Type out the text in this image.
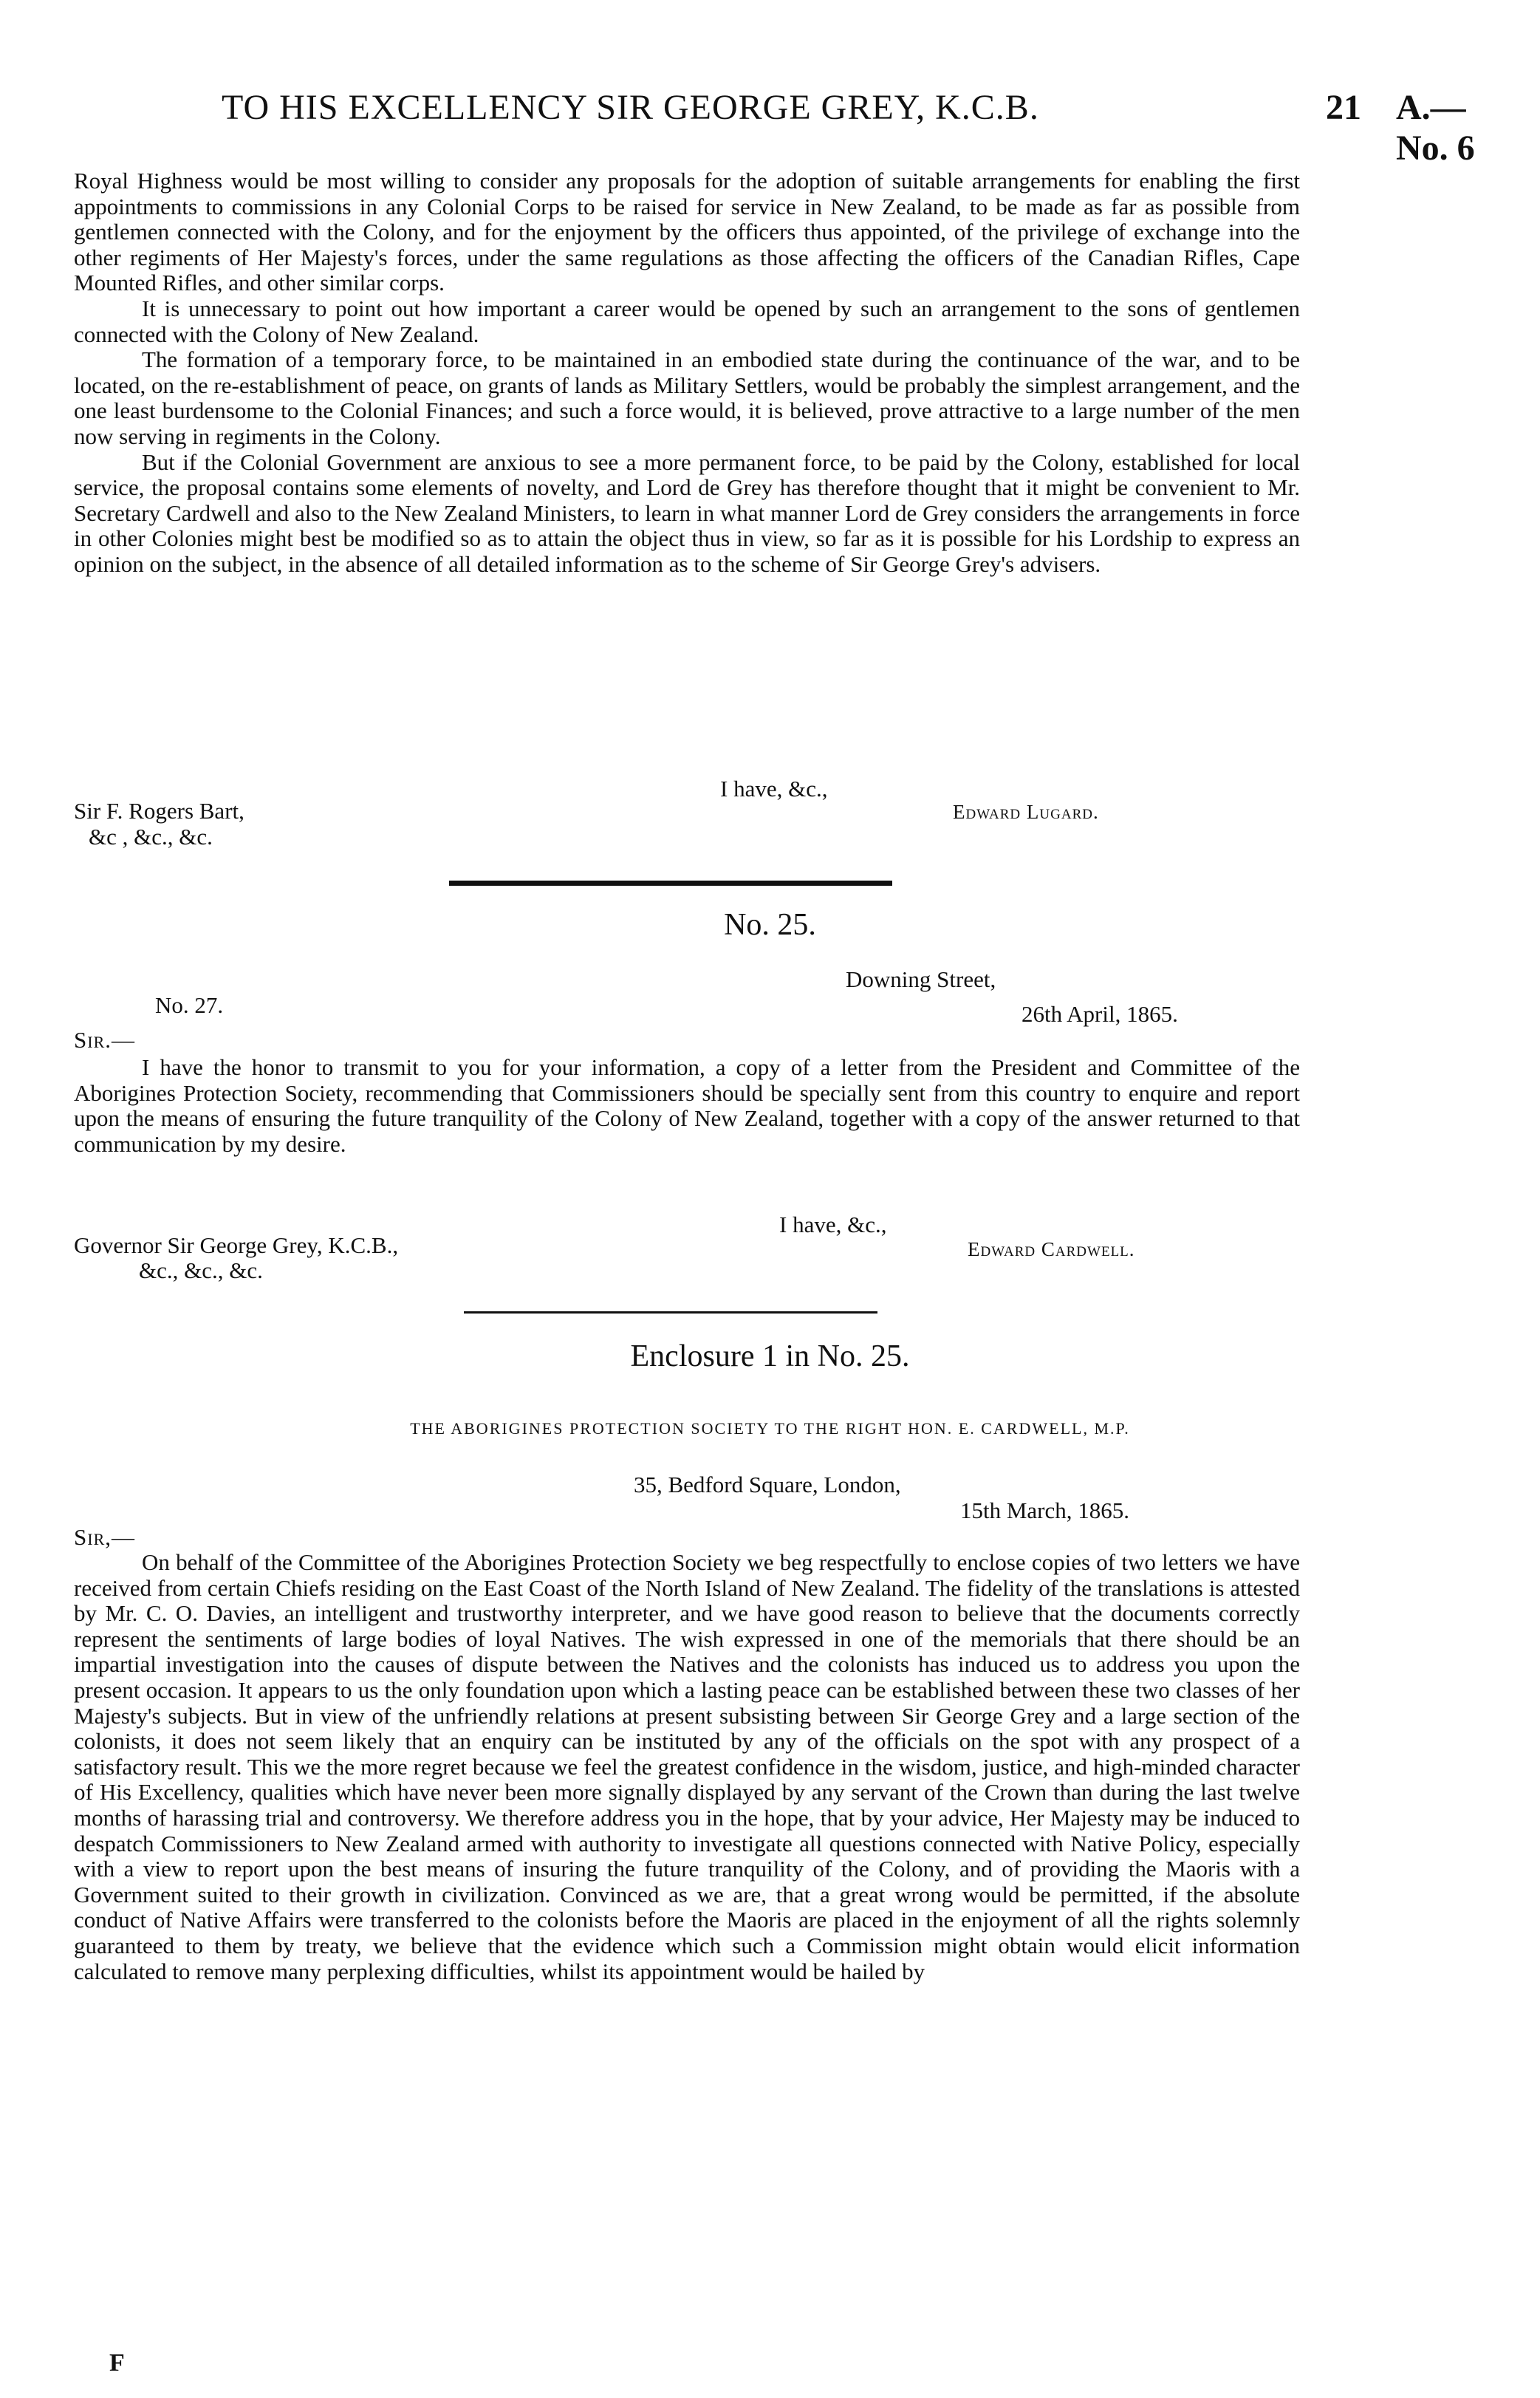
TO HIS EXCELLENCY SIR GEORGE GREY, K.C.B.	21 A.—No. 6

Royal Highness would be most willing to consider any proposals for the adoption of suitable arrangements for enabling the first appointments to commissions in any Colonial Corps to be raised for service in New Zealand, to be made as far as possible from gentlemen connected with the Colony, and for the enjoyment by the officers thus appointed, of the privilege of exchange into the other regiments of Her Majesty's forces, under the same regulations as those affecting the officers of the Canadian Rifles, Cape Mounted Rifles, and other similar corps.

It is unnecessary to point out how important a career would be opened by such an arrangement to the sons of gentlemen connected with the Colony of New Zealand.

The formation of a temporary force, to be maintained in an embodied state during the continuance of the war, and to be located, on the re-establishment of peace, on grants of lands as Military Settlers, would be probably the simplest arrangement, and the one least burdensome to the Colonial Finances; and such a force would, it is believed, prove attractive to a large number of the men now serving in regiments in the Colony.

But if the Colonial Government are anxious to see a more permanent force, to be paid by the Colony, established for local service, the proposal contains some elements of novelty, and Lord de Grey has therefore thought that it might be convenient to Mr. Secretary Cardwell and also to the New Zealand Ministers, to learn in what manner Lord de Grey considers the arrangements in force in other Colonies might best be modified so as to attain the object thus in view, so far as it is possible for his Lordship to express an opinion on the subject, in the absence of all detailed information as to the scheme of Sir George Grey's advisers.

I have, &c.,
Edward Lugard.
Sir F. Rogers Bart,
&c , &c., &c.
No. 25.
Downing Street,
No. 27.	26th April, 1865.
Sir.—

I have the honor to transmit to you for your information, a copy of a letter from the President and Committee of the Aborigines Protection Society, recommending that Commissioners should be specially sent from this country to enquire and report upon the means of ensuring the future tranquility of the Colony of New Zealand, together with a copy of the answer returned to that communication by my desire.

I have, &c.,
Governor Sir George Grey, K.C.B.,	Edward Cardwell.
&c., &c., &c.
Enclosure 1 in No. 25.
THE ABORIGINES PROTECTION SOCIETY TO THE RIGHT HON. E. CARDWELL, M.P.
35, Bedford Square, London,
15th March, 1865.
Sir,—

On behalf of the Committee of the Aborigines Protection Society we beg respectfully to enclose copies of two letters we have received from certain Chiefs residing on the East Coast of the North Island of New Zealand. The fidelity of the translations is attested by Mr. C. O. Davies, an intelligent and trustworthy interpreter, and we have good reason to believe that the documents correctly represent the sentiments of large bodies of loyal Natives. The wish expressed in one of the memorials that there should be an impartial investigation into the causes of dispute between the Natives and the colonists has induced us to address you upon the present occasion. It appears to us the only foundation upon which a lasting peace can be established between these two classes of her Majesty's subjects. But in view of the unfriendly relations at present subsisting between Sir George Grey and a large section of the colonists, it does not seem likely that an enquiry can be instituted by any of the officials on the spot with any prospect of a satisfactory result. This we the more regret because we feel the greatest confidence in the wisdom, justice, and high-minded character of His Excellency, qualities which have never been more signally displayed by any servant of the Crown than during the last twelve months of harassing trial and controversy. We therefore address you in the hope, that by your advice, Her Majesty may be induced to despatch Commissioners to New Zealand armed with authority to investigate all questions connected with Native Policy, especially with a view to report upon the best means of insuring the future tranquility of the Colony, and of providing the Maoris with a Government suited to their growth in civilization. Convinced as we are, that a great wrong would be permitted, if the absolute conduct of Native Affairs were transferred to the colonists before the Maoris are placed in the enjoyment of all the rights solemnly guaranteed to them by treaty, we believe that the evidence which such a Commission might obtain would elicit information calculated to remove many perplexing difficulties, whilst its appointment would be hailed by

F
